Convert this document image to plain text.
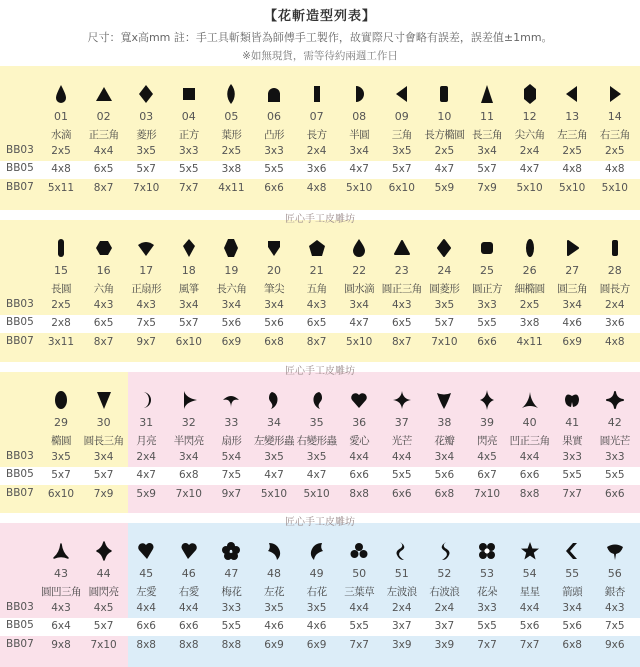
【花斬造型列表】
尺寸：寬x高mm 註：手工具斬類皆為師傅手工製作，故實際尺寸會略有誤差，誤差值±1mm。
※如無現貨，需等待約兩週工作日
匠心手工皮雕坊
匠心手工皮雕坊
匠心手工皮雕坊
BB03
BB05
BB07
01
水滴
2x5
4x8
5x11
02
正三角
4x4
6x5
8x7
03
菱形
3x5
5x7
7x10
04
正方
3x3
5x5
7x7
05
葉形
2x5
3x8
4x11
06
凸形
3x3
5x5
6x6
07
長方
2x4
3x6
4x8
08
半圓
3x4
4x7
5x10
09
三角
3x5
5x7
6x10
10
長方橢圓
2x5
4x7
5x9
11
長三角
3x4
5x7
7x9
12
尖六角
2x4
4x7
5x10
13
左三角
2x5
4x8
5x10
14
右三角
2x5
4x8
5x10
BB03
BB05
BB07
15
長圓
2x5
2x8
3x11
16
六角
4x3
6x5
8x7
17
正扇形
4x3
7x5
9x7
18
風箏
3x4
5x7
6x10
19
長六角
3x4
5x6
6x9
20
筆尖
3x4
5x6
6x8
21
五角
4x3
6x5
8x7
22
圓水滴
3x4
4x7
5x10
23
圓正三角
4x3
6x5
8x7
24
圓菱形
3x5
5x7
7x10
25
圓正方
3x3
5x5
6x6
26
細橢圓
2x5
3x8
4x11
27
圓三角
3x4
4x6
6x9
28
圓長方
2x4
3x6
4x8
BB03
BB05
BB07
29
橢圓
3x5
5x7
6x10
30
圓長三角
3x4
5x7
7x9
31
月亮
2x4
4x7
5x9
32
半閃亮
3x4
6x8
7x10
33
扇形
5x4
7x5
9x7
34
左變形蟲
3x5
4x7
5x10
35
右變形蟲
3x5
4x7
5x10
36
愛心
4x4
6x6
8x8
37
光芒
4x4
5x5
6x6
38
花瓣
3x4
5x6
6x8
39
閃亮
4x5
6x7
7x10
40
凹正三角
4x4
6x6
8x8
41
果實
3x3
5x5
7x7
42
圓光芒
3x3
5x5
6x6
BB03
BB05
BB07
43
圓凹三角
4x3
6x4
9x8
44
圓閃亮
4x5
5x7
7x10
45
左愛
4x4
6x6
8x8
46
右愛
4x4
6x6
8x8
47
梅花
3x3
5x5
8x8
48
左花
3x5
4x6
6x9
49
右花
3x5
4x6
6x9
50
三葉草
4x4
5x5
7x7
51
左波浪
2x4
3x7
3x9
52
右波浪
2x4
3x7
3x9
53
花朵
3x3
5x5
7x7
54
星星
4x4
5x6
7x7
55
箭頭
3x4
5x6
6x8
56
銀杏
4x3
7x5
9x6
